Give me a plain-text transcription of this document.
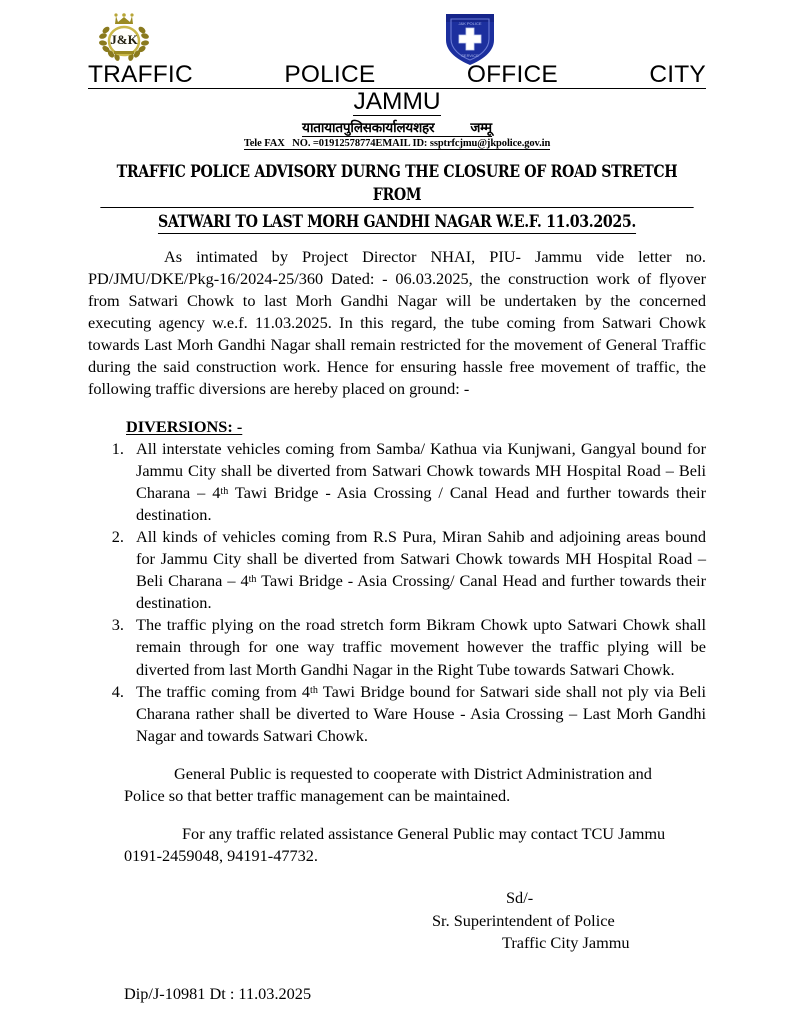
J&K
J&K POLICE
SERVICE
TRAFFIC	POLICE	OFFICE	CITY
JAMMU
यातायातपुलिसकार्यालयशहर        जम्मू
Tele FAX   NO. =01912578774EMAIL ID: ssptrfcjmu@jkpolice.gov.in
TRAFFIC POLICE ADVISORY DURNG THE CLOSURE OF ROAD STRETCH FROM
SATWARI TO LAST MORH GANDHI NAGAR W.E.F. 11.03.2025.

As intimated by Project Director NHAI, PIU- Jammu vide letter no. PD/JMU/DKE/Pkg-16/2024-25/360 Dated: - 06.03.2025, the construction work of flyover from Satwari Chowk to last Morh Gandhi Nagar will be undertaken by the concerned executing agency w.e.f. 11.03.2025. In this regard, the tube coming from Satwari Chowk towards Last Morh Gandhi Nagar shall remain restricted for the movement of General Traffic during the said construction work. Hence for ensuring hassle free movement of traffic, the following traffic diversions are hereby placed on ground: -

DIVERSIONS: -
1. All interstate vehicles coming from Samba/ Kathua via Kunjwani, Gangyal bound for Jammu City shall be diverted from Satwari Chowk towards MH Hospital Road – Beli Charana – 4th Tawi Bridge - Asia Crossing / Canal Head and further towards their destination.
2. All kinds of vehicles coming from R.S Pura, Miran Sahib and adjoining areas bound for Jammu City shall be diverted from Satwari Chowk towards MH Hospital Road – Beli Charana – 4th Tawi Bridge - Asia Crossing/ Canal Head and further towards their destination.
3. The traffic plying on the road stretch form Bikram Chowk upto Satwari Chowk shall remain through for one way traffic movement however the traffic plying will be diverted from last Morth Gandhi Nagar in the Right Tube towards Satwari Chowk.
4. The traffic coming from 4th Tawi Bridge bound for Satwari side shall not ply via Beli Charana rather shall be diverted to Ware House - Asia Crossing – Last Morh Gandhi Nagar and towards Satwari Chowk.

General Public is requested to cooperate with District Administration and Police so that better traffic management can be maintained.

For any traffic related assistance General Public may contact TCU Jammu 0191-2459048, 94191-47732.

Sd/-
Sr. Superintendent of Police
Traffic City Jammu
Dip/J-10981 Dt : 11.03.2025
